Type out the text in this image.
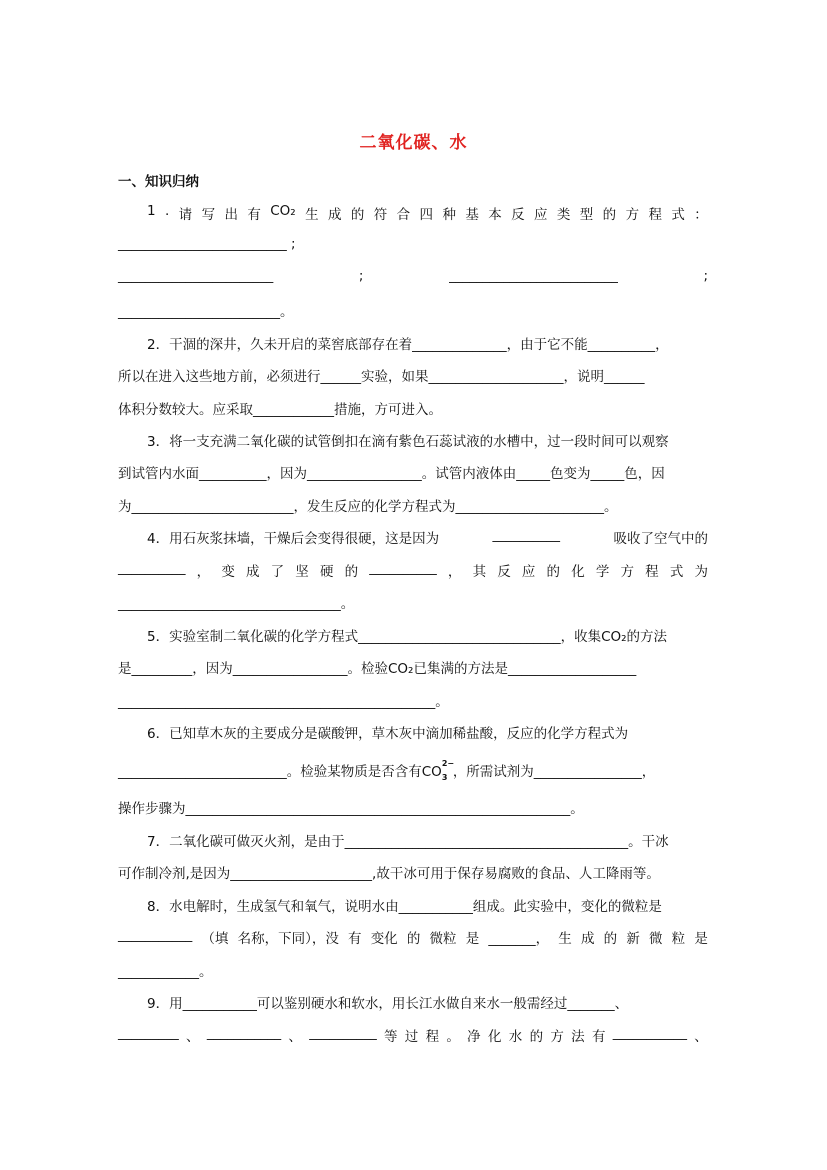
二氧化碳、水
一、知识归纳
1 . 请 写 出 有 CO₂ 生 成 的 符 合 四 种 基 本 反 应 类 型 的 方 程 式 ：
_________________________ ;
_______________________	;	_________________________	;
________________________。
2．干涸的深井，久未开启的菜窖底部存在着______________，由于它不能__________，
所以在进入这些地方前，必须进行______实验，如果____________________，说明______
体积分数较大。应采取____________措施，方可进入。
3．将一支充满二氧化碳的试管倒扣在滴有紫色石蕊试液的水槽中，过一段时间可以观察
到试管内水面__________，因为_________________。试管内液体由_____色变为_____色，因
为________________________，发生反应的化学方程式为______________________。
4．用石灰浆抹墙，干燥后会变得很硬，这是因为	__________	吸收了空气中的
__________ ， 变 成 了 坚 硬 的 __________ ， 其 反 应 的 化 学 方 程 式 为
_________________________________。
5．实验室制二氧化碳的化学方程式______________________________，收集CO₂的方法
是_________，因为_________________。检验CO₂已集满的方法是___________________
_______________________________________________。
6．已知草木灰的主要成分是碳酸钾，草木灰中滴加稀盐酸，反应的化学方程式为
_________________________。检验某物质是否含有CO
2−
3 ，所需试剂为________________，
操作步骤为_________________________________________________________。
7．二氧化碳可做灭火剂，是由于__________________________________________。干冰
可作制冷剂,是因为_____________________,故干冰可用于保存易腐败的食品、人工降雨等。
8．水电解时，生成氢气和氧气，说明水由___________组成。此实验中，变化的微粒是
___________ （填 名称，下同），没 有 变化 的 微粒 是 _______， 生 成 的 新 微 粒 是
____________。
9．用___________可以鉴别硬水和软水，用长江水做自来水一般需经过_______、
_________ 、 ___________ 、 __________ 等 过 程 。 净 化 水 的 方 法 有 ___________ 、
